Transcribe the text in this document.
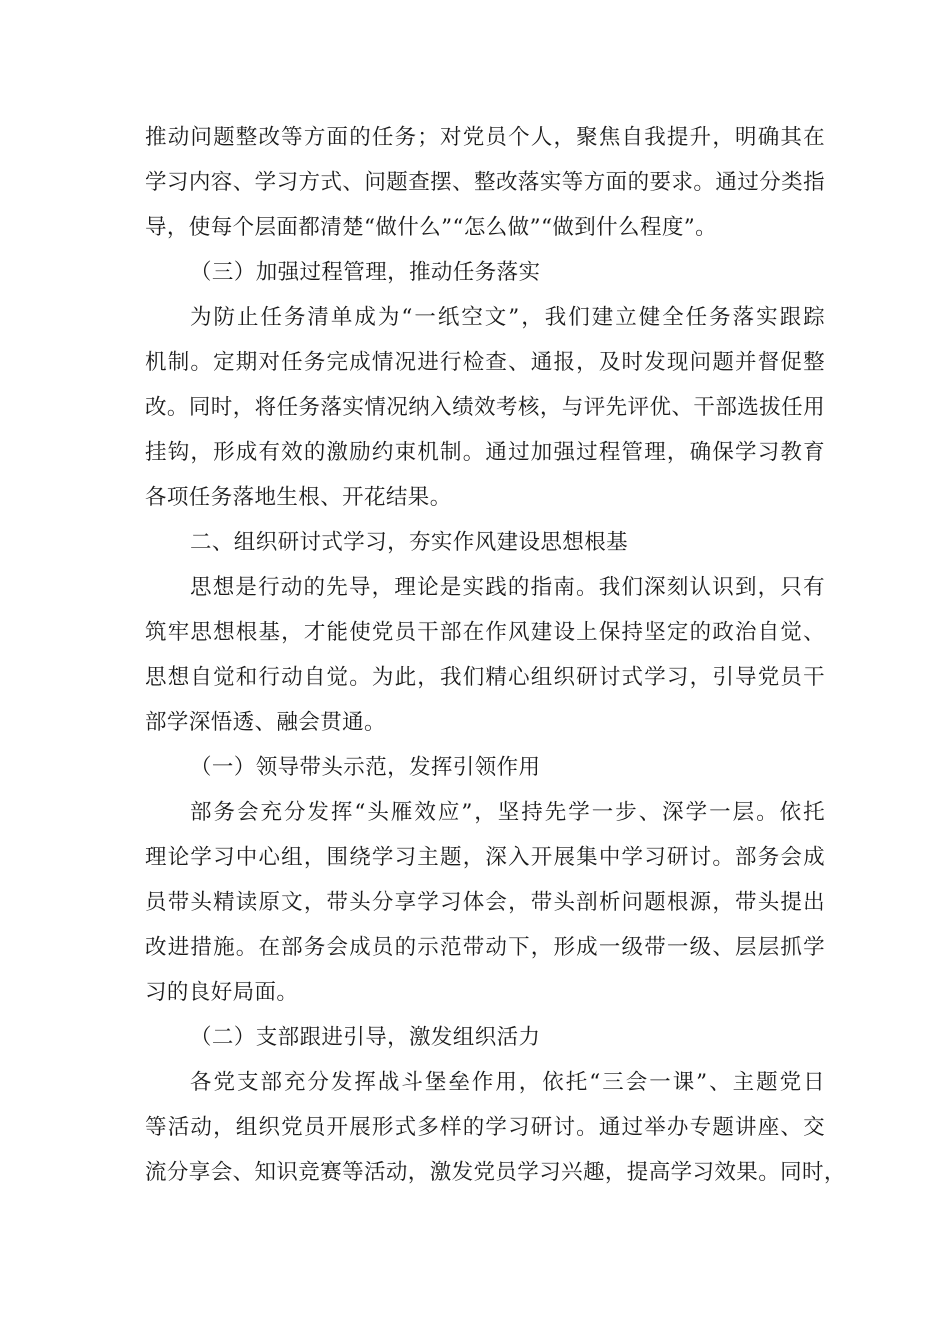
推动问题整改等方面的任务；对党员个人，聚焦自我提升，明确其在
学习内容、学习方式、问题查摆、整改落实等方面的要求。通过分类指
导，使每个层面都清楚“做什么”“怎么做”“做到什么程度”。
（三）加强过程管理，推动任务落实
为防止任务清单成为“一纸空文”，我们建立健全任务落实跟踪
机制。定期对任务完成情况进行检查、通报，及时发现问题并督促整
改。同时，将任务落实情况纳入绩效考核，与评先评优、干部选拔任用
挂钩，形成有效的激励约束机制。通过加强过程管理，确保学习教育
各项任务落地生根、开花结果。
二、组织研讨式学习，夯实作风建设思想根基
思想是行动的先导，理论是实践的指南。我们深刻认识到，只有
筑牢思想根基，才能使党员干部在作风建设上保持坚定的政治自觉、
思想自觉和行动自觉。为此，我们精心组织研讨式学习，引导党员干
部学深悟透、融会贯通。
（一）领导带头示范，发挥引领作用
部务会充分发挥“头雁效应”，坚持先学一步、深学一层。依托
理论学习中心组，围绕学习主题，深入开展集中学习研讨。部务会成
员带头精读原文，带头分享学习体会，带头剖析问题根源，带头提出
改进措施。在部务会成员的示范带动下，形成一级带一级、层层抓学
习的良好局面。
（二）支部跟进引导，激发组织活力
各党支部充分发挥战斗堡垒作用，依托“三会一课”、主题党日
等活动，组织党员开展形式多样的学习研讨。通过举办专题讲座、交
流分享会、知识竞赛等活动，激发党员学习兴趣，提高学习效果。同时，
